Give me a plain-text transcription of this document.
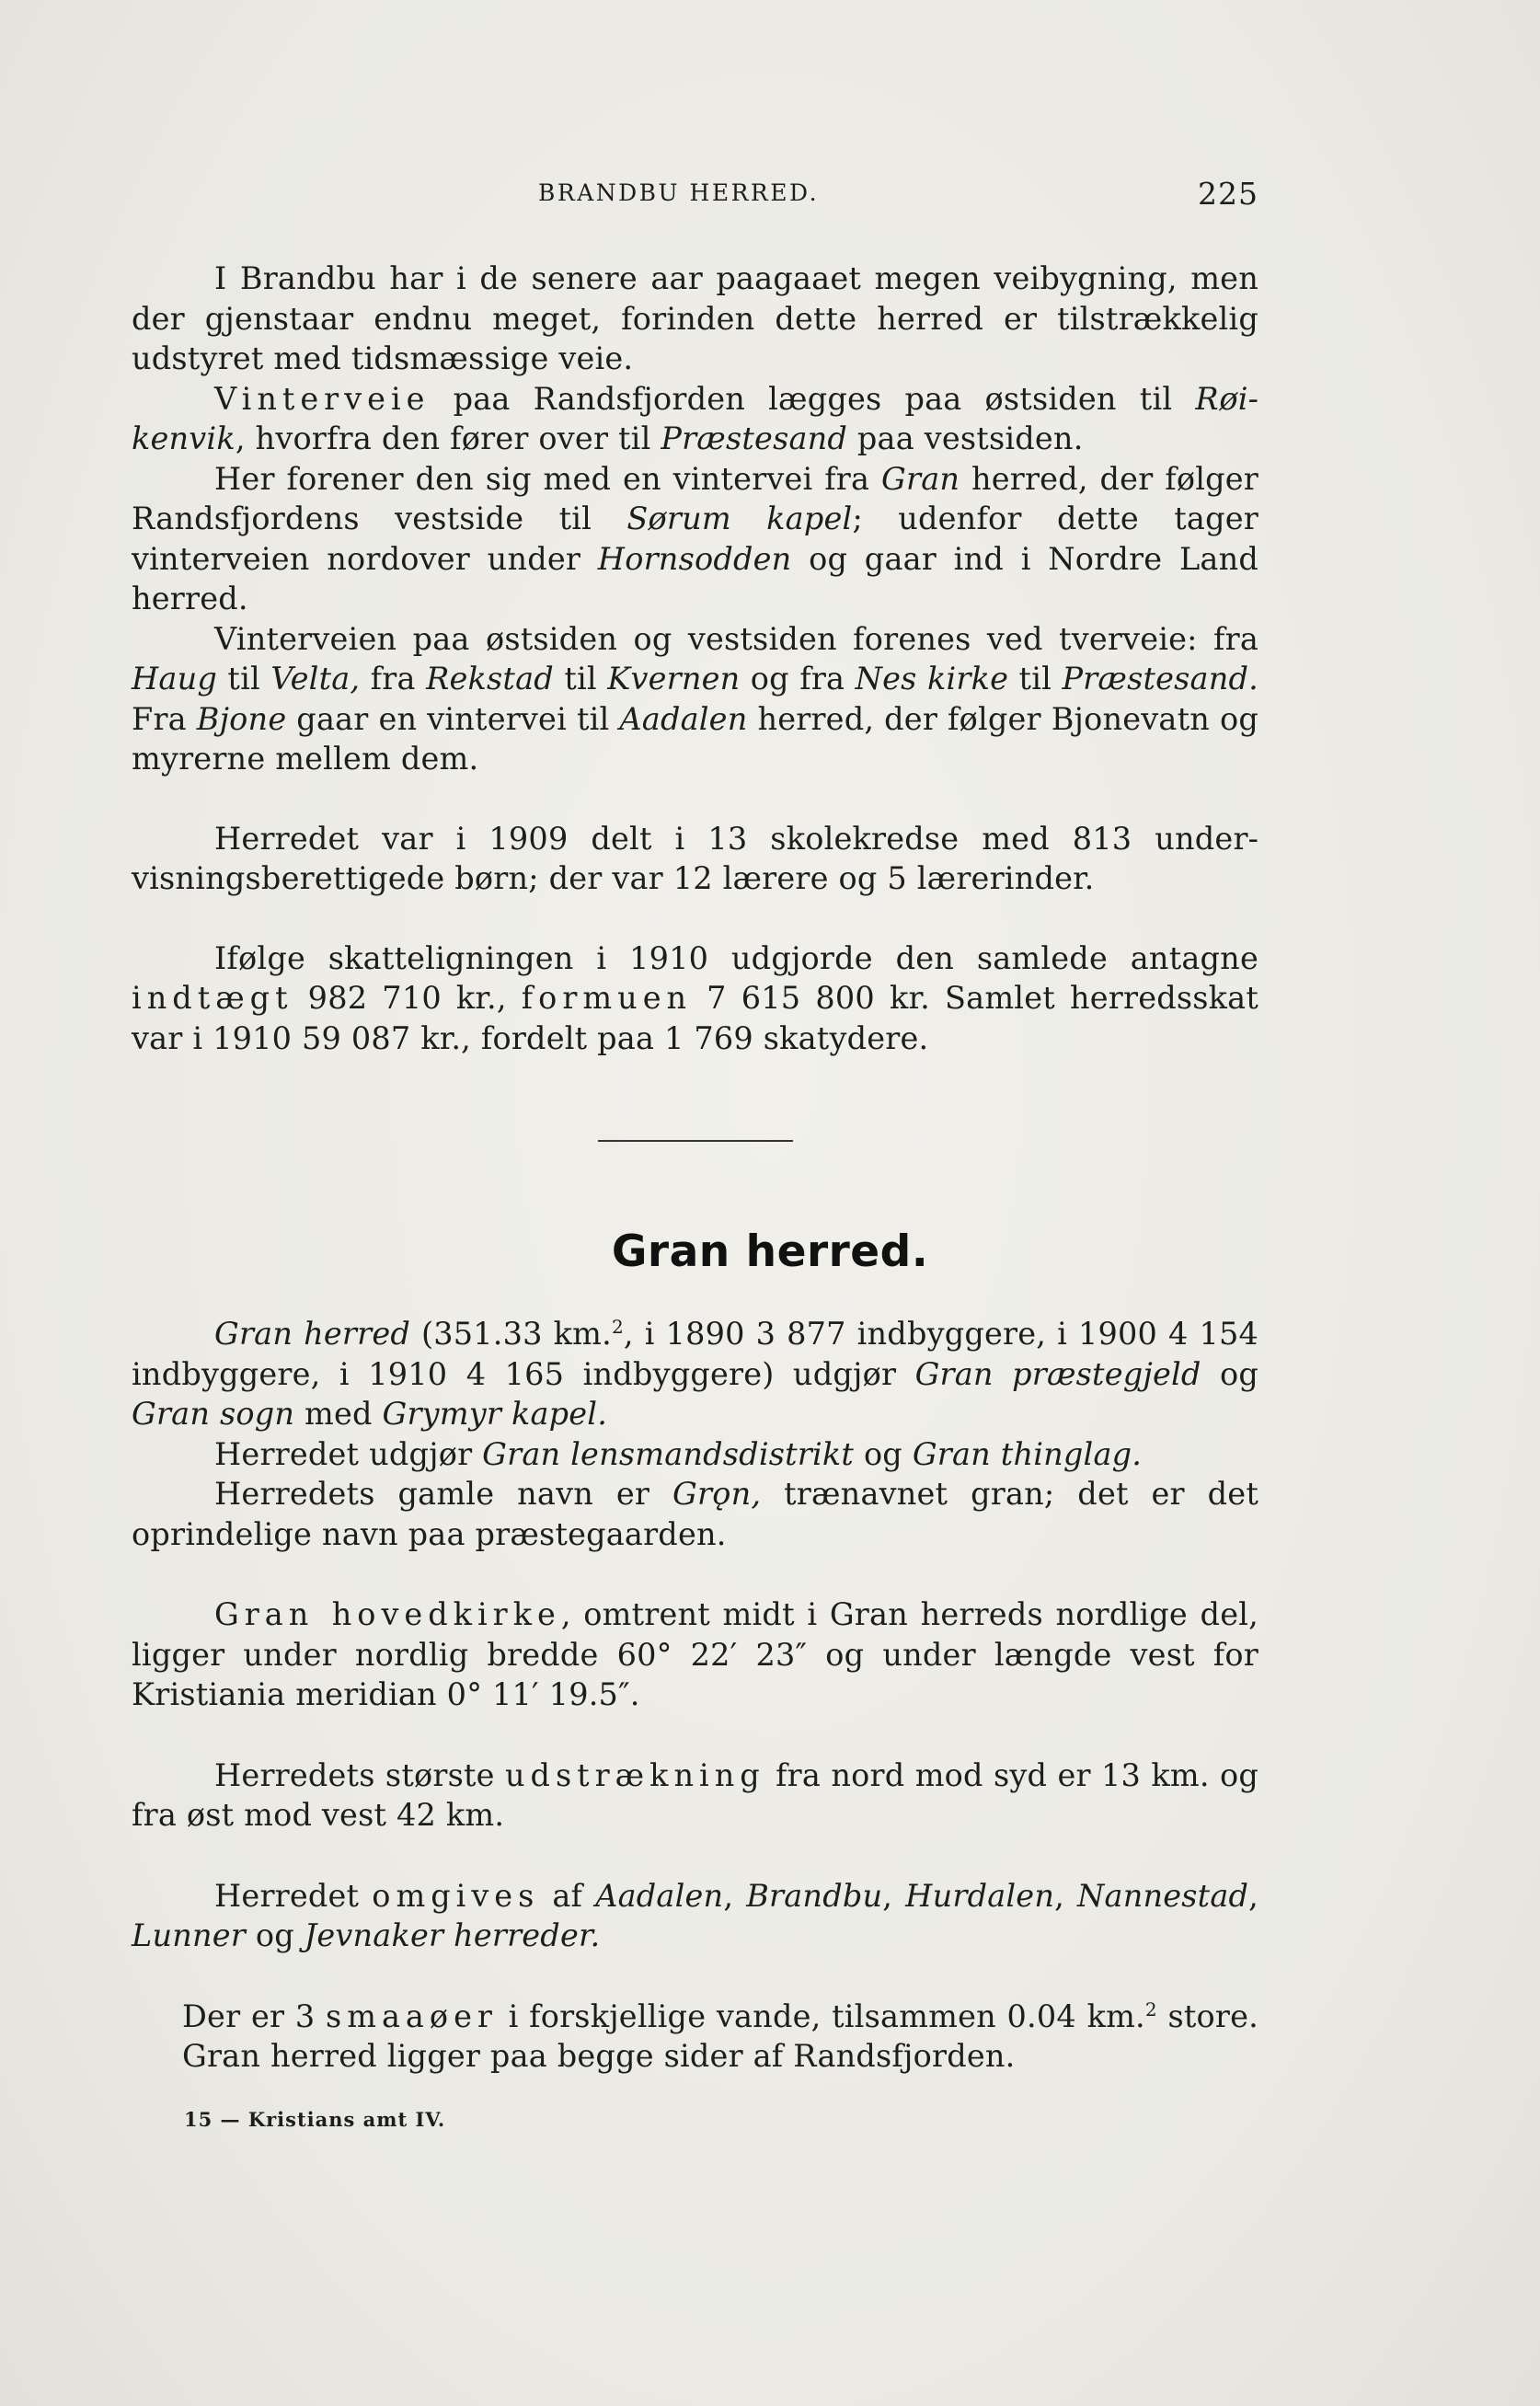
BRANDBU HERRED.	225

I Brandbu har i de senere aar paagaaet megen veibygning, men der gjenstaar endnu meget, forinden dette herred er tilstrækkelig udstyret med tidsmæssige veie.

Vinterveie paa Randsfjorden lægges paa østsiden til Røikenvik, hvorfra den fører over til Præstesand paa vestsiden.

Her forener den sig med en vintervei fra Gran herred, der følger Randsfjordens vestside til Sørum kapel; udenfor dette tager vinterveien nordover under Hornsodden og gaar ind i Nordre Land herred.

Vinterveien paa østsiden og vestsiden forenes ved tverveie: fra Haug til Velta, fra Rekstad til Kvernen og fra Nes kirke til Præstesand. Fra Bjone gaar en vintervei til Aadalen herred, der følger Bjonevatn og myrerne mellem dem.

Herredet var i 1909 delt i 13 skolekredse med 813 undervisningsberettigede børn; der var 12 lærere og 5 lærerinder.

Ifølge skatteligningen i 1910 udgjorde den samlede antagne indtægt 982 710 kr., formuen 7 615 800 kr. Samlet herredsskat var i 1910 59 087 kr., fordelt paa 1 769 skatydere.

Gran herred.

Gran herred (351.33 km.$^2$, i 1890 3 877 indbyggere, i 1900 4 154 indbyggere, i 1910 4 165 indbyggere) udgjør Gran præstegjeld og Gran sogn med Grymyr kapel.

Herredet udgjør Gran lensmandsdistrikt og Gran thinglag.

Herredets gamle navn er Grǫn, trænavnet gran; det er det oprindelige navn paa præstegaarden.

Gran hovedkirke, omtrent midt i Gran herreds nordlige del, ligger under nordlig bredde 60° 22′ 23″ og under længde vest for Kristiania meridian 0° 11′ 19.5″.

Herredets største udstrækning fra nord mod syd er 13 km. og fra øst mod vest 42 km.

Herredet omgives af Aadalen, Brandbu, Hurdalen, Nannestad, Lunner og Jevnaker herreder.

Der er 3 smaaøer i forskjellige vande, tilsammen 0.04 km.$^2$ store. Gran herred ligger paa begge sider af Randsfjorden.

15 — Kristians amt IV.
